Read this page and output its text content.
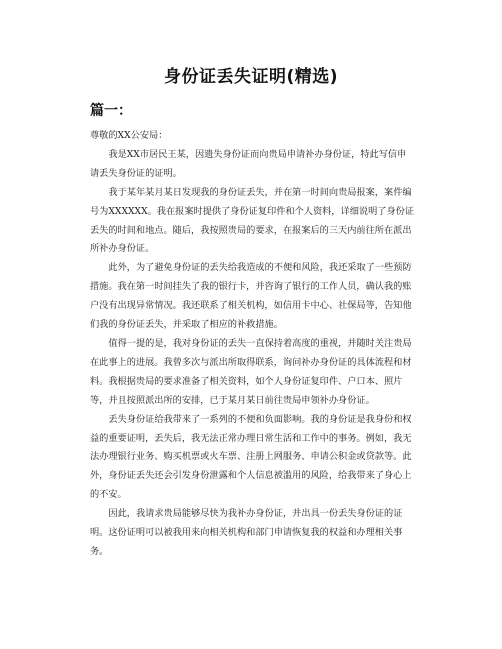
身份证丢失证明(精选)
篇一：

尊敬的XX公安局：

我是XX市居民王某，因遗失身份证而向贵局申请补办身份证，特此写信申请丢失身份证的证明。

我于某年某月某日发现我的身份证丢失，并在第一时间向贵局报案，案件编号为XXXXXX。我在报案时提供了身份证复印件和个人资料，详细说明了身份证丢失的时间和地点。随后，我按照贵局的要求，在报案后的三天内前往所在派出所补办身份证。

此外，为了避免身份证的丢失给我造成的不便和风险，我还采取了一些预防措施。我在第一时间挂失了我的银行卡，并咨询了银行的工作人员，确认我的账户没有出现异常情况。我还联系了相关机构，如信用卡中心、社保局等，告知他们我的身份证丢失，并采取了相应的补救措施。

值得一提的是，我对身份证的丢失一直保持着高度的重视，并随时关注贵局在此事上的进展。我曾多次与派出所取得联系，询问补办身份证的具体流程和材料。我根据贵局的要求准备了相关资料，如个人身份证复印件、户口本、照片等，并且按照派出所的安排，已于某月某日前往贵局申领补办身份证。

丢失身份证给我带来了一系列的不便和负面影响。我的身份证是我身份和权益的重要证明，丢失后，我无法正常办理日常生活和工作中的事务。例如，我无法办理银行业务、购买机票或火车票、注册上网服务、申请公积金或贷款等。此外，身份证丢失还会引发身份泄露和个人信息被滥用的风险，给我带来了身心上的不安。

因此，我请求贵局能够尽快为我补办身份证，并出具一份丢失身份证的证明。这份证明可以被我用来向相关机构和部门申请恢复我的权益和办理相关事务。
